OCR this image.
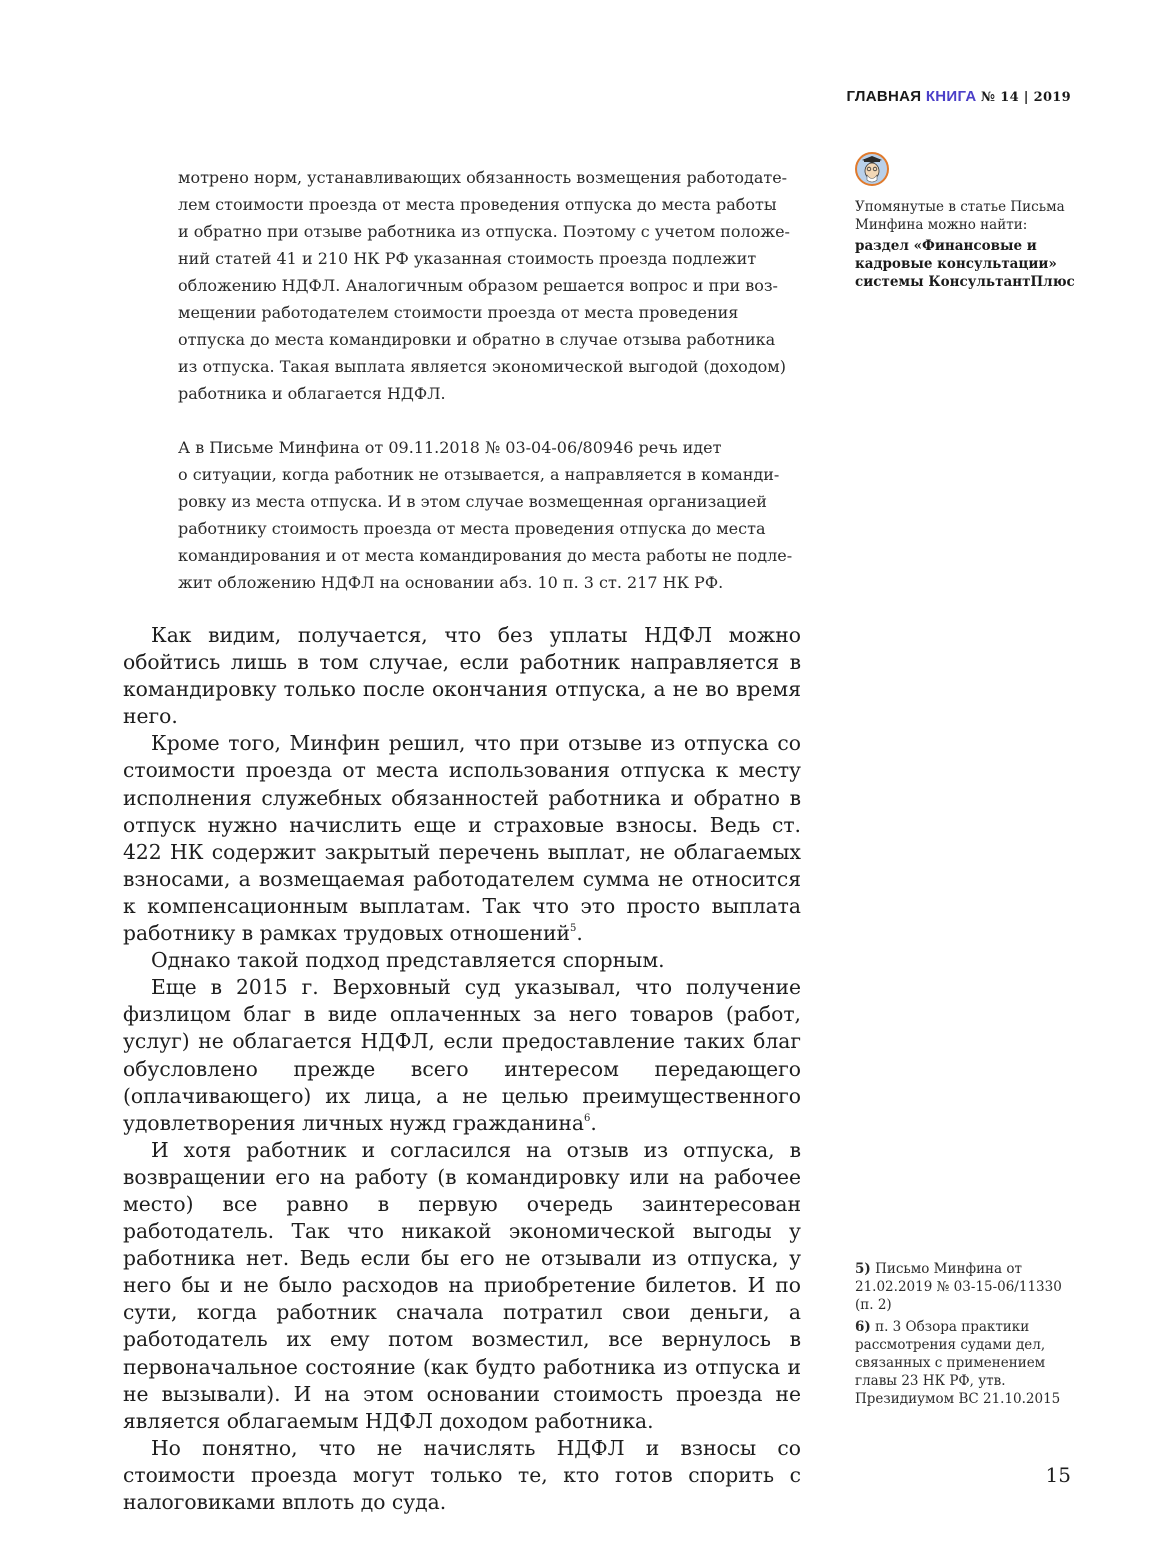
ГЛАВНАЯ КНИГА № 14 | 2019

мотрено норм, устанавливающих обязанность возмещения работодате-

лем стоимости проезда от места проведения отпуска до места работы

и обратно при отзыве работника из отпуска. Поэтому с учетом положе-

ний статей 41 и 210 НК РФ указанная стоимость проезда подлежит

обложению НДФЛ. Аналогичным образом решается вопрос и при воз-

мещении работодателем стоимости проезда от места проведения

отпуска до места командировки и обратно в случае отзыва работника

из отпуска. Такая выплата является экономической выгодой (доходом)

работника и облагается НДФЛ.

А в Письме Минфина от 09.11.2018 № 03-04-06/80946 речь идет

о ситуации, когда работник не отзывается, а направляется в команди-

ровку из места отпуска. И в этом случае возмещенная организацией

работнику стоимость проезда от места проведения отпуска до места

командирования и от места командирования до места работы не подле-

жит обложению НДФЛ на основании абз. 10 п. 3 ст. 217 НК РФ.

Как видим, получается, что без уплаты НДФЛ можно обойтись лишь в том случае, если работник направляется в командировку только после окончания отпуска, а не во время него.

Кроме того, Минфин решил, что при отзыве из отпуска со стоимости проезда от места использования отпуска к месту исполнения служебных обязанностей работника и обратно в отпуск нужно начислить еще и страховые взносы. Ведь ст. 422 НК содержит закрытый перечень выплат, не облагаемых взносами, а возмещаемая работодателем сумма не относится к компенсационным выплатам. Так что это просто выплата работнику в рамках трудовых отношений$^5$.

Однако такой подход представляется спорным.

Еще в 2015 г. Верховный суд указывал, что получение физлицом благ в виде оплаченных за него товаров (работ, услуг) не облагается НДФЛ, если предоставление таких благ обусловлено прежде всего интересом передающего (оплачивающего) их лица, а не целью преимущественного удовлетворения личных нужд гражданина$^6$.

И хотя работник и согласился на отзыв из отпуска, в возвращении его на работу (в командировку или на рабочее место) все равно в первую очередь заинтересован работодатель. Так что никакой экономической выгоды у работника нет. Ведь если бы его не отзывали из отпуска, у него бы и не было расходов на приобретение билетов. И по сути, когда работник сначала потратил свои деньги, а работодатель их ему потом возместил, все вернулось в первоначальное состояние (как будто работника из отпуска и не вызывали). И на этом основании стоимость проезда не является облагаемым НДФЛ доходом работника.

Но понятно, что не начислять НДФЛ и взносы со стоимости проезда могут только те, кто готов спорить с налоговиками вплоть до суда.

Упомянутые в статье Письма Минфина можно найти:
раздел «Финансовые и кадровые консультации» системы КонсультантПлюс
5) Письмо Минфина от 21.02.2019 № 03-15-06/11330 (п. 2)
6) п. 3 Обзора практики рассмотрения судами дел, связанных с применением главы 23 НК РФ, утв. Президиумом ВС 21.10.2015
15
